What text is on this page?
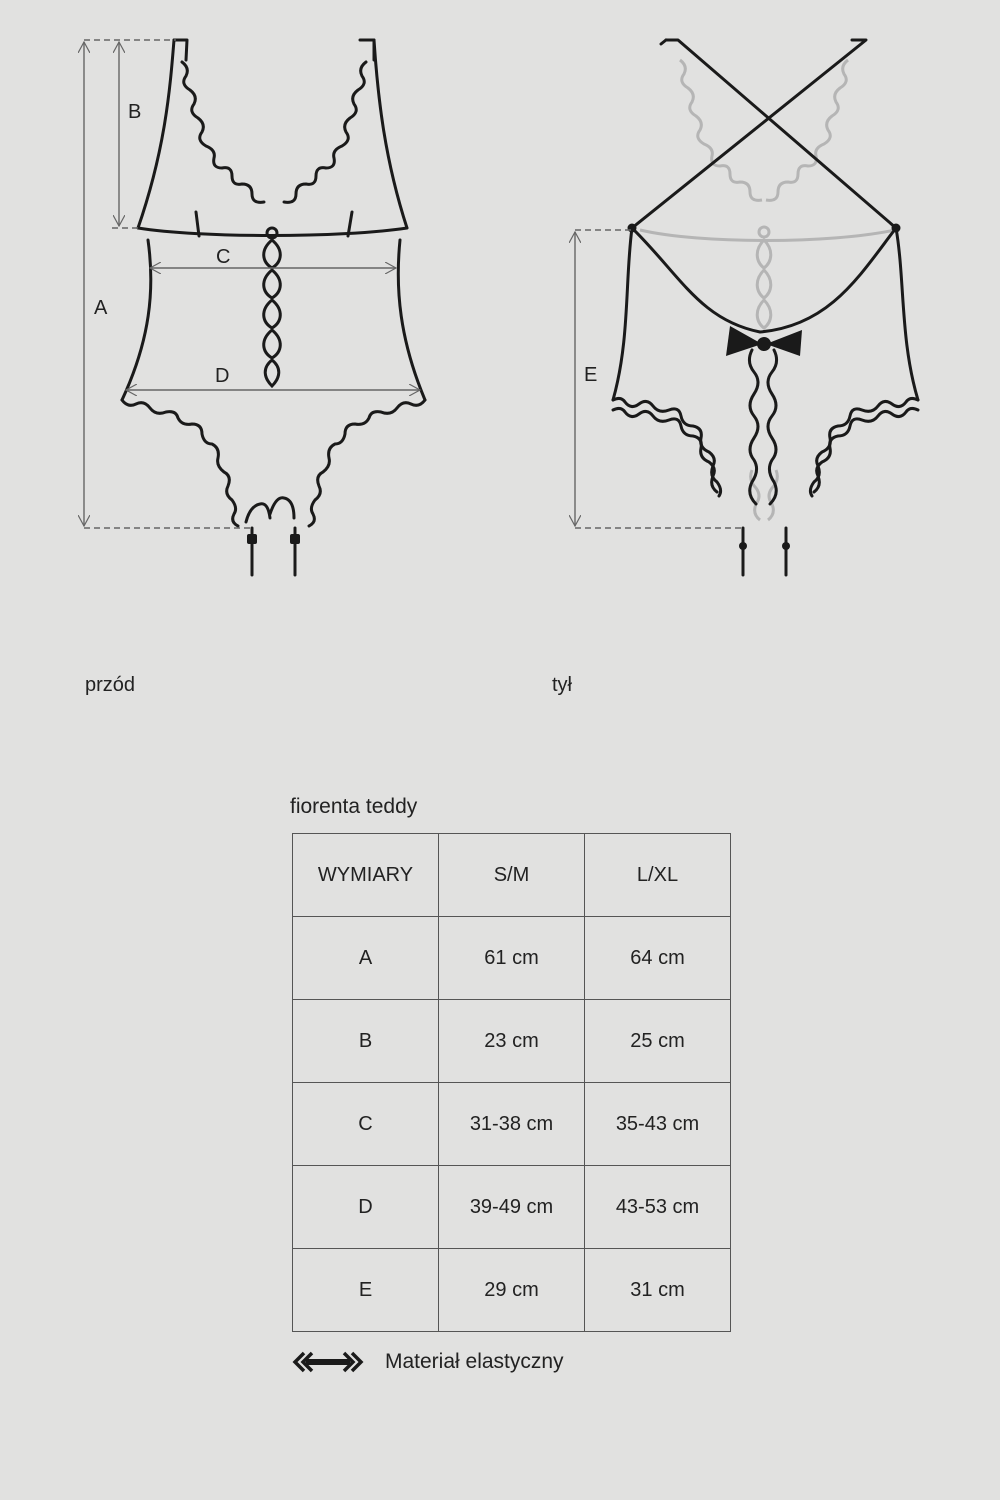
A
B
C
D	E
przód	tył
fiorenta teddy
WYMIARY	S/M	L/XL
A	61 cm	64 cm
B	23 cm	25 cm
C	31-38 cm	35-43 cm
D	39-49 cm	43-53 cm
E	29 cm	31 cm
Materiał elastyczny
